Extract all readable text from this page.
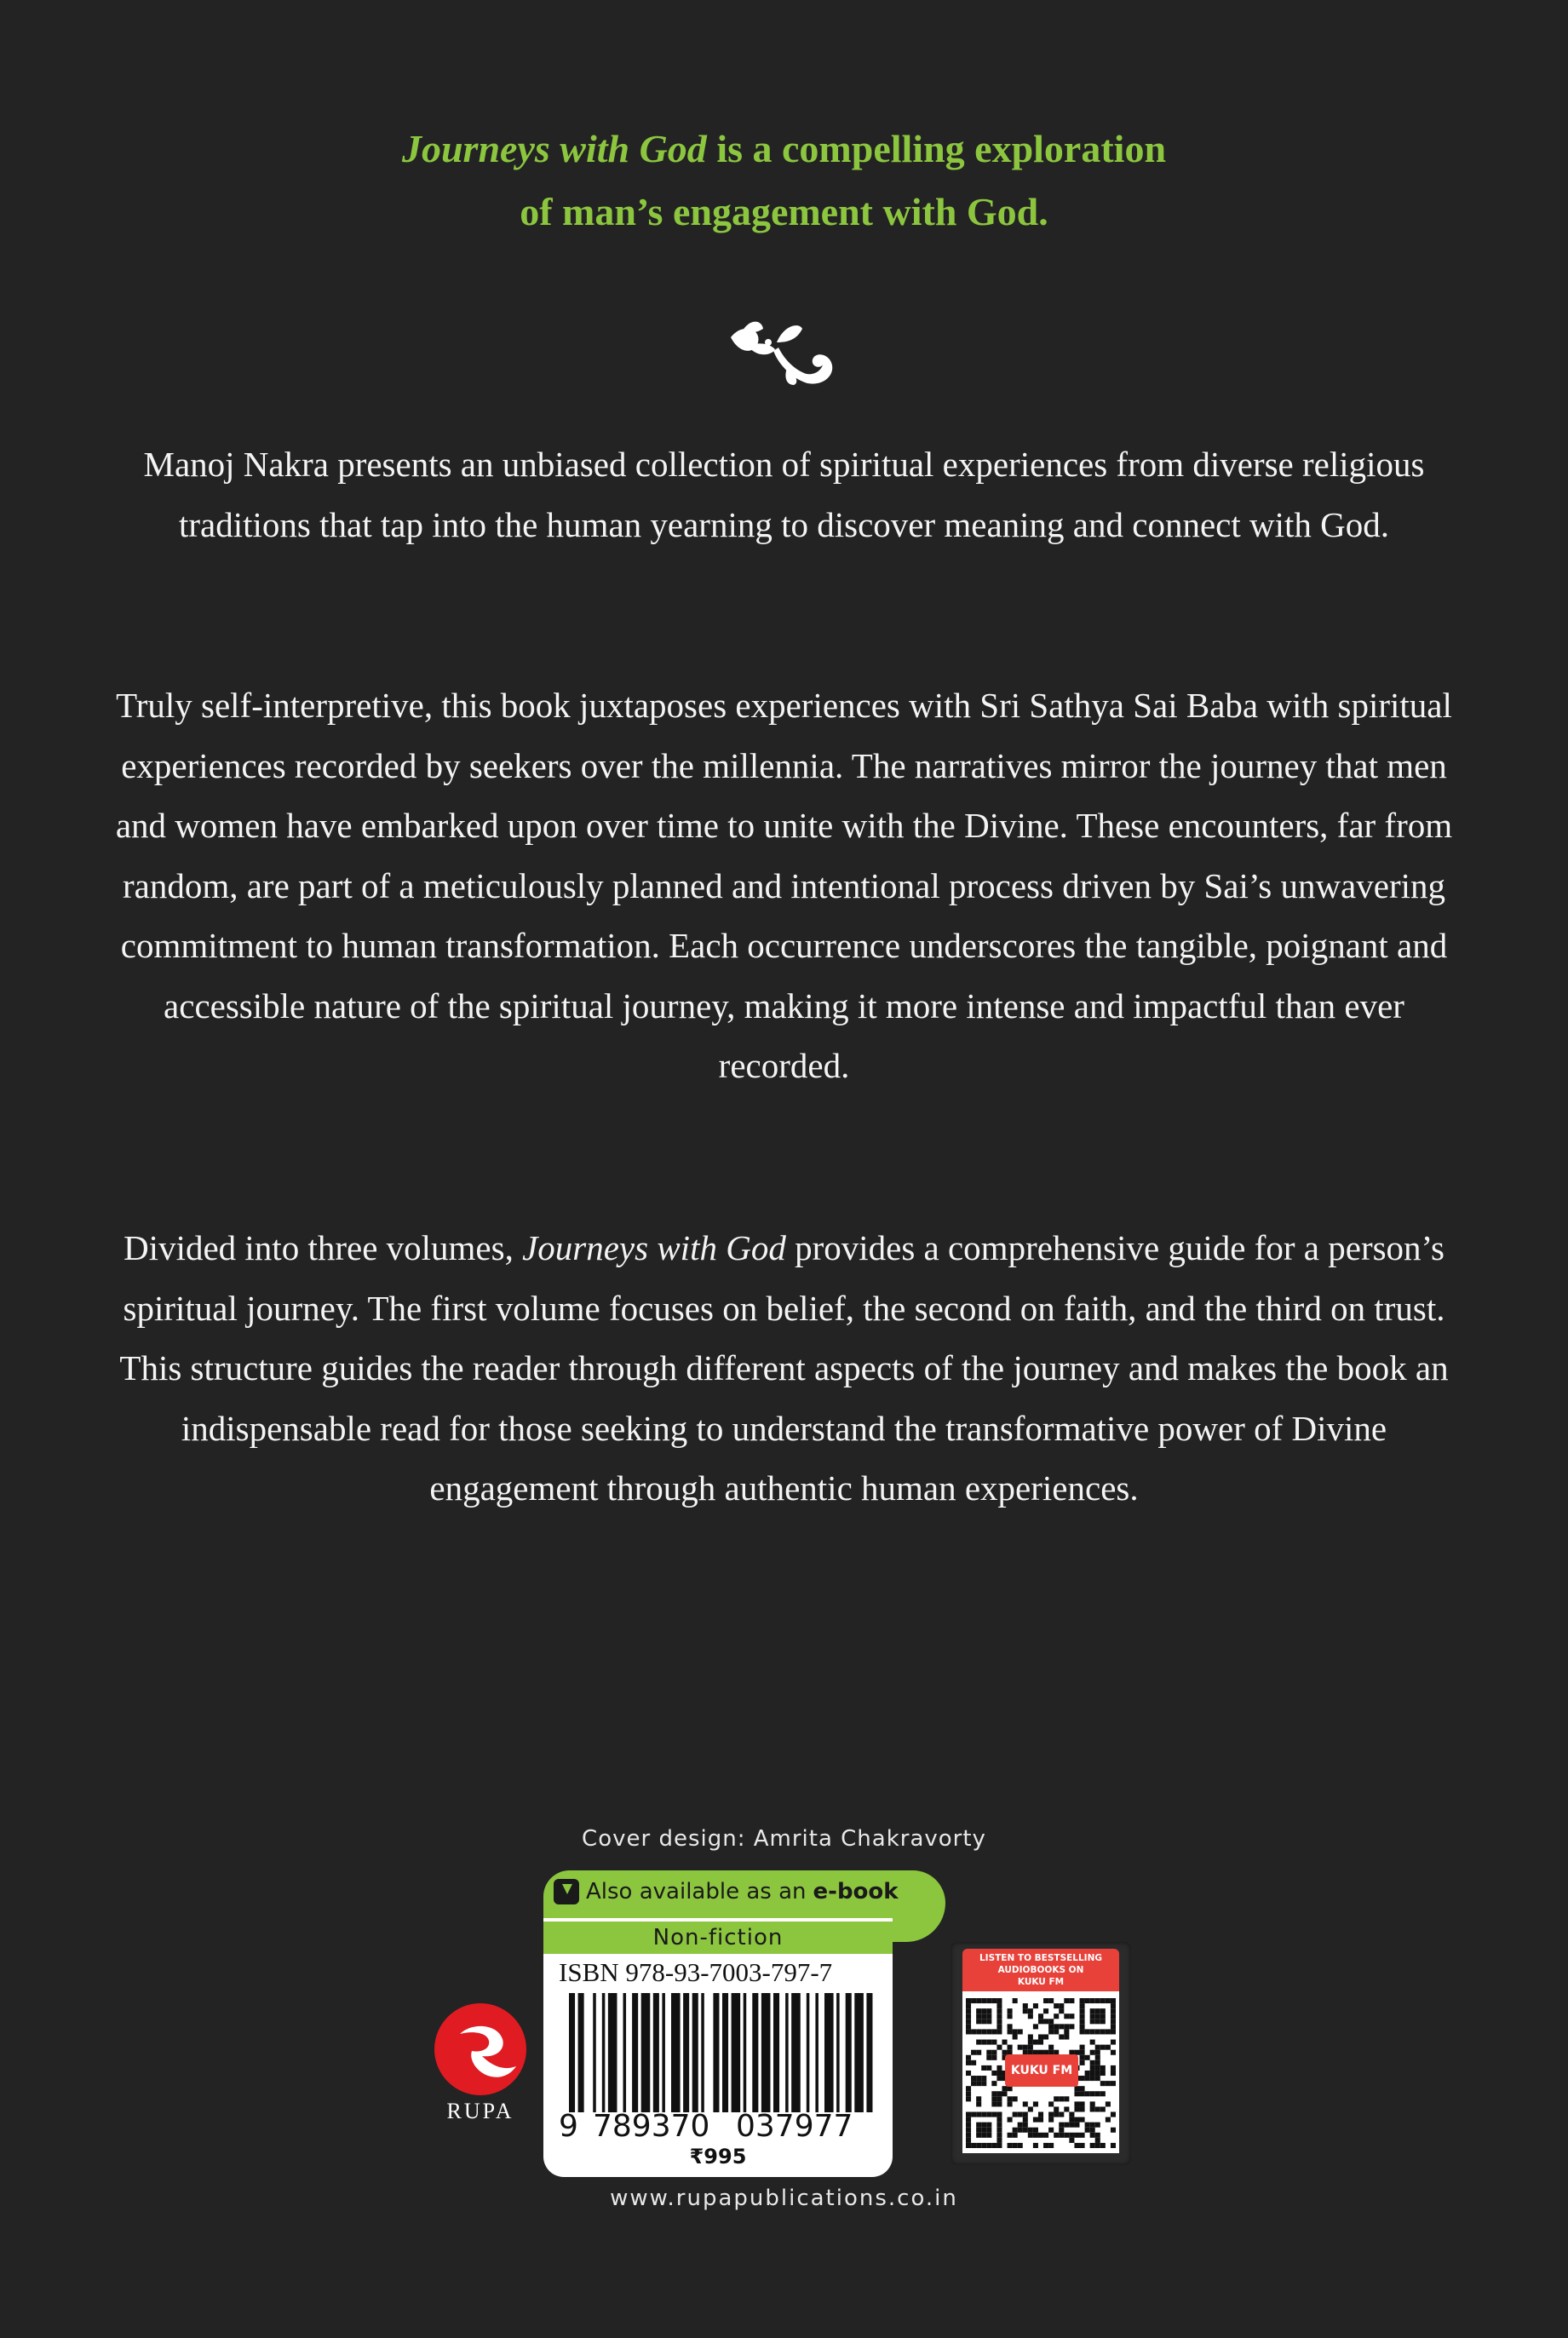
Journeys with God is a compelling exploration
of man’s engagement with God.

Manoj Nakra presents an unbiased collection of spiritual experiences from diverse religious traditions that tap into the human yearning to discover meaning and connect with God.

Truly self-interpretive, this book juxtaposes experiences with Sri Sathya Sai Baba with spiritual experiences recorded by seekers over the millennia. The narratives mirror the journey that men and women have embarked upon over time to unite with the Divine. These encounters, far from random, are part of a meticulously planned and intentional process driven by Sai’s unwavering commitment to human transformation. Each occurrence underscores the tangible, poignant and accessible nature of the spiritual journey, making it more intense and impactful than ever recorded.

Divided into three volumes, Journeys with God provides a comprehensive guide for a person’s spiritual journey. The first volume focuses on belief, the second on faith, and the third on trust. This structure guides the reader through different aspects of the journey and makes the book an indispensable read for those seeking to understand the transformative power of Divine engagement through authentic human experiences.

Cover design: Amrita Chakravorty
RUPA
Also available as an e-book
Non-fiction
ISBN 978-93-7003-797-7
9 789370 037977
₹995
www.rupapublications.co.in
LISTEN TO BESTSELLING
AUDIOBOOKS ON
KUKU FM
KUKU FM
